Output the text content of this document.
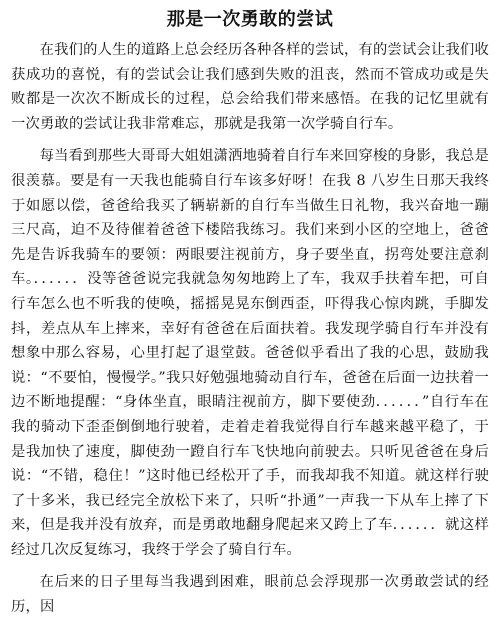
那是一次勇敢的尝试

在我们的人生的道路上总会经历各种各样的尝试，有的尝试会让我们收获成功的喜悦，有的尝试会让我们感到失败的沮丧，然而不管成功或是失败都是一次次不断成长的过程，总会给我们带来感悟。在我的记忆里就有一次勇敢的尝试让我非常难忘，那就是我第一次学骑自行车。

每当看到那些大哥哥大姐姐潇洒地骑着自行车来回穿梭的身影，我总是很羡慕。要是有一天我也能骑自行车该多好呀！在我 8 八岁生日那天我终于如愿以偿，爸爸给我买了辆崭新的自行车当做生日礼物，我兴奋地一蹦三尺高，迫不及待催着爸爸下楼陪我练习。我们来到小区的空地上，爸爸先是告诉我骑车的要领：两眼要注视前方，身子要坐直，拐弯处要注意刹车。．．．．．．没等爸爸说完我就急匆匆地跨上了车，我双手扶着车把，可自行车怎么也不听我的使唤，摇摇晃晃东倒西歪，吓得我心惊肉跳，手脚发抖，差点从车上摔来，幸好有爸爸在后面扶着。我发现学骑自行车并没有想象中那么容易，心里打起了退堂鼓。爸爸似乎看出了我的心思，鼓励我说：“不要怕，慢慢学。”我只好勉强地骑动自行车，爸爸在后面一边扶着一边不断地提醒：“身体坐直，眼睛注视前方，脚下要使劲．．．．．．”自行车在我的骑动下歪歪倒倒地行驶着，走着走着我觉得自行车越来越平稳了，于是我加快了速度，脚使劲一蹬自行车飞快地向前驶去。只听见爸爸在身后说：“不错，稳住！”这时他已经松开了手，而我却我不知道。就这样行驶了十多米，我已经完全放松下来了，只听“扑通”一声我一下从车上摔了下来，但是我并没有放弃，而是勇敢地翻身爬起来又跨上了车．．．．．．就这样经过几次反复练习，我终于学会了骑自行车。

在后来的日子里每当我遇到困难，眼前总会浮现那一次勇敢尝试的经历，因
